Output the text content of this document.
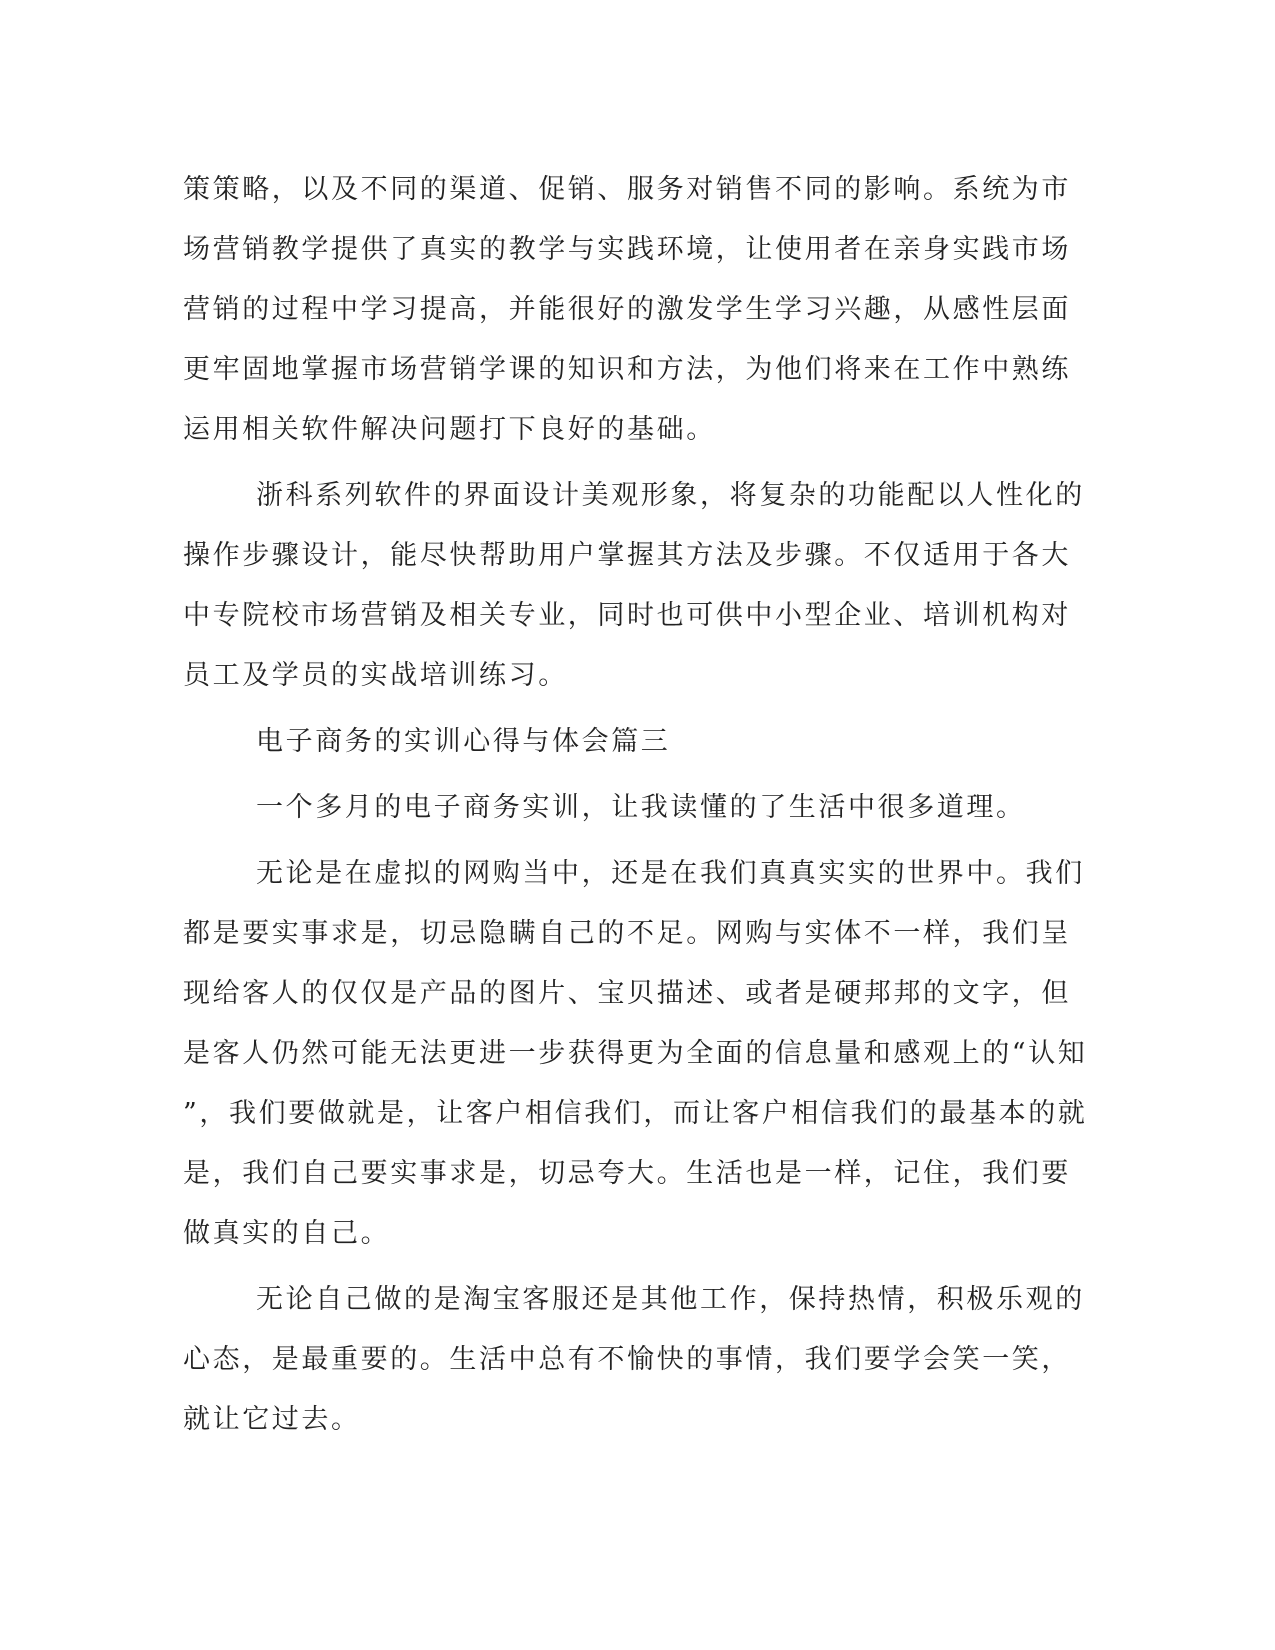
策策略，以及不同的渠道、促销、服务对销售不同的影响。系统为市
场营销教学提供了真实的教学与实践环境，让使用者在亲身实践市场
营销的过程中学习提高，并能很好的激发学生学习兴趣，从感性层面
更牢固地掌握市场营销学课的知识和方法，为他们将来在工作中熟练
运用相关软件解决问题打下良好的基础。
浙科系列软件的界面设计美观形象，将复杂的功能配以人性化的
操作步骤设计，能尽快帮助用户掌握其方法及步骤。不仅适用于各大
中专院校市场营销及相关专业，同时也可供中小型企业、培训机构对
员工及学员的实战培训练习。
电子商务的实训心得与体会篇三
一个多月的电子商务实训，让我读懂的了生活中很多道理。
无论是在虚拟的网购当中，还是在我们真真实实的世界中。我们
都是要实事求是，切忌隐瞒自己的不足。网购与实体不一样，我们呈
现给客人的仅仅是产品的图片、宝贝描述、或者是硬邦邦的文字，但
是客人仍然可能无法更进一步获得更为全面的信息量和感观上的“认知
”，我们要做就是，让客户相信我们，而让客户相信我们的最基本的就
是，我们自己要实事求是，切忌夸大。生活也是一样，记住，我们要
做真实的自己。
无论自己做的是淘宝客服还是其他工作，保持热情，积极乐观的
心态，是最重要的。生活中总有不愉快的事情，我们要学会笑一笑，
就让它过去。
